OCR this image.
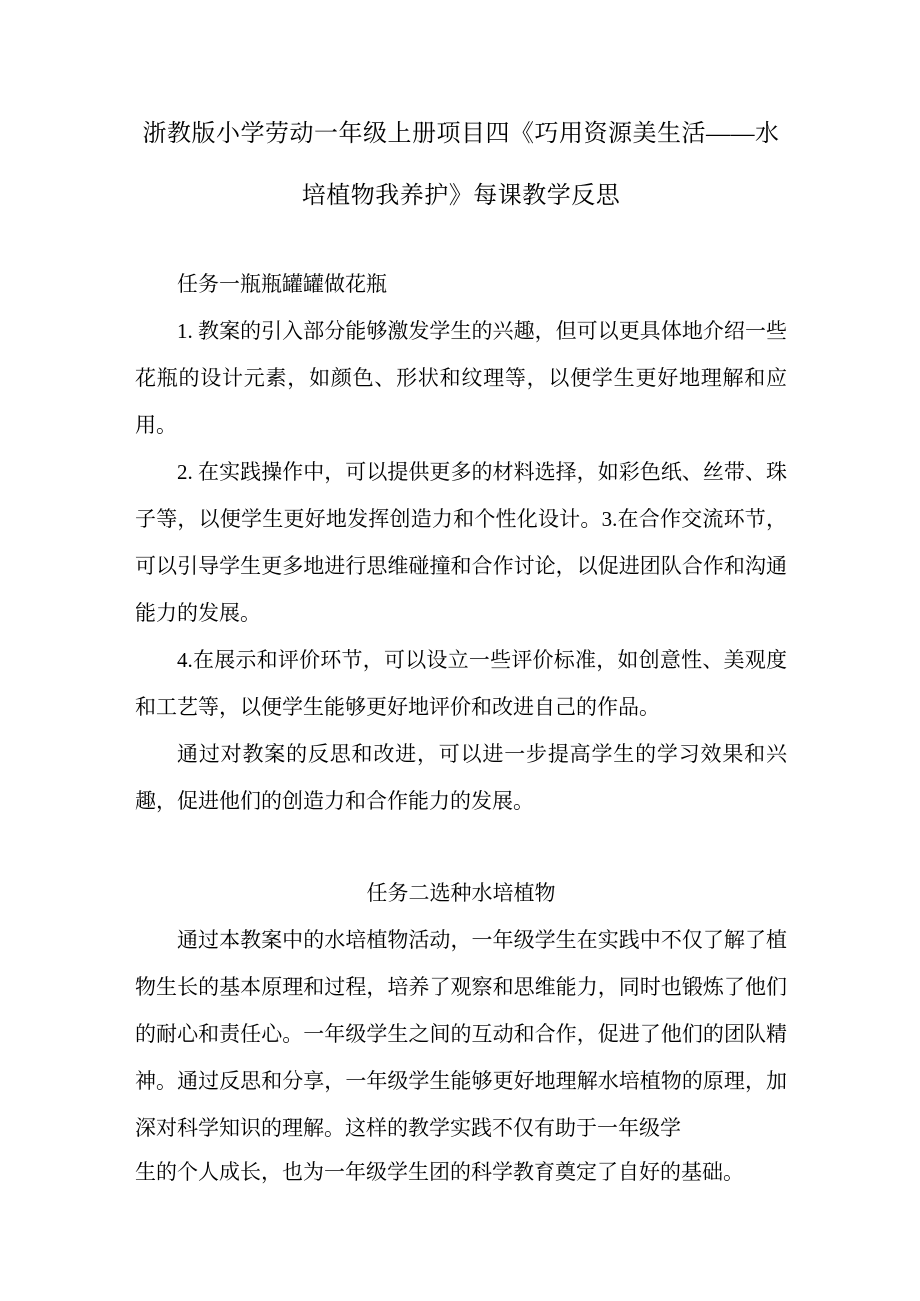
浙教版小学劳动一年级上册项目四《巧用资源美生活——水培植物我养护》每课教学反思

任务一瓶瓶罐罐做花瓶

1. 教案的引入部分能够激发学生的兴趣，但可以更具体地介绍一些花瓶的设计元素，如颜色、形状和纹理等，以便学生更好地理解和应用。

2. 在实践操作中，可以提供更多的材料选择，如彩色纸、丝带、珠子等，以便学生更好地发挥创造力和个性化设计。3.在合作交流环节，可以引导学生更多地进行思维碰撞和合作讨论，以促进团队合作和沟通能力的发展。

4.在展示和评价环节，可以设立一些评价标准，如创意性、美观度和工艺等，以便学生能够更好地评价和改进自己的作品。

通过对教案的反思和改进，可以进一步提高学生的学习效果和兴趣，促进他们的创造力和合作能力的发展。

任务二选种水培植物

通过本教案中的水培植物活动，一年级学生在实践中不仅了解了植物生长的基本原理和过程，培养了观察和思维能力，同时也锻炼了他们的耐心和责任心。一年级学生之间的互动和合作，促进了他们的团队精神。通过反思和分享，一年级学生能够更好地理解水培植物的原理，加深对科学知识的理解。这样的教学实践不仅有助于一年级学

生的个人成长，也为一年级学生团的科学教育奠定了自好的基础。
